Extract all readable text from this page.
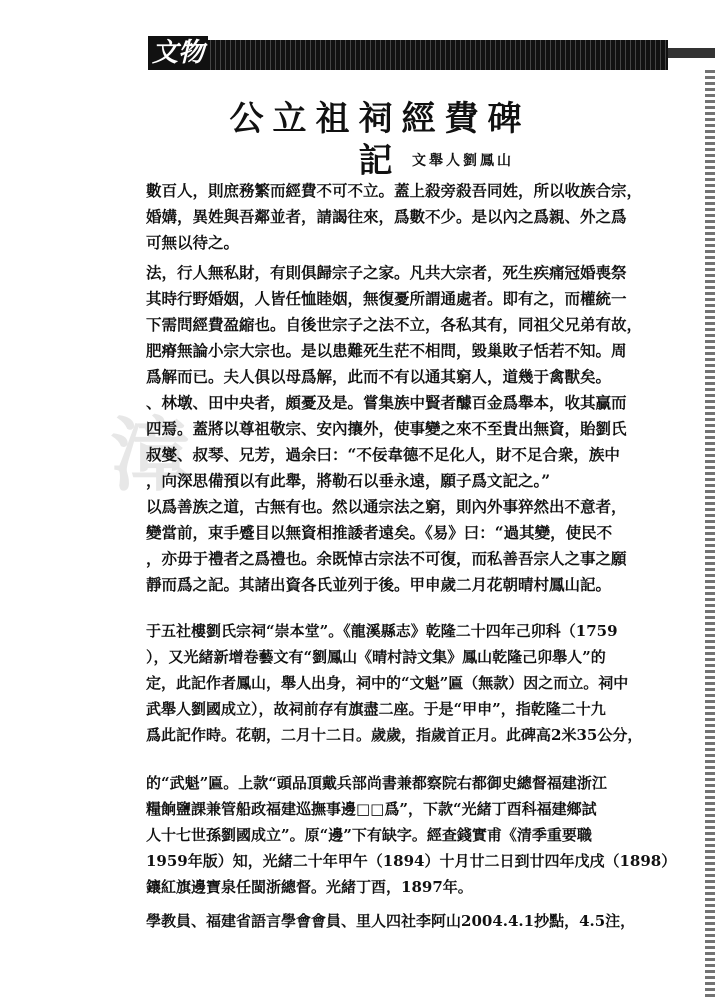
文物
漳
公立祖祠經費碑記 文舉人劉鳳山
數百人，則庶務繁而經費不可不立。蓋上殺旁殺吾同姓，所以收族合宗，
婚媾，異姓與吾鄰並者，請謁往來，爲數不少。是以內之爲親、外之爲
可無以待之。
法，行人無私財，有則俱歸宗子之家。凡共大宗者，死生疾痛冠婚喪祭
其時行野婚姻，人皆任恤睦姻，無復憂所謂通處者。即有之，而權統一
下需問經費盈縮也。自後世宗子之法不立，各私其有，同祖父兄弟有故，
肥瘠無論小宗大宗也。是以患難死生茫不相問，毀巢敗子恬若不知。周
爲解而已。夫人俱以母爲解，此而不有以通其窮人，道幾于禽獸矣。
、林墩、田中央者，頗憂及是。嘗集族中賢者醵百金爲舉本，收其贏而
四焉。蓋將以尊祖敬宗、安內攘外，使事變之來不至貴出無資，貽劉氏
叔燮、叔琴、兄芳，過余曰：“不佞韋德不足化人，財不足合衆，族中
，向深思備預以有此舉，將勒石以垂永遠，願子爲文記之。”
以爲善族之道，古無有也。然以通宗法之窮，則內外事猝然出不意者，
變當前，束手蹙目以無資相推諉者遠矣。《易》曰：“過其變，使民不
，亦毋于禮者之爲禮也。余既悼古宗法不可復，而私善吾宗人之事之願
靜而爲之記。其諸出資各氏並列于後。甲申歲二月花朝晴村鳳山記。
于五社樓劉氏宗祠“崇本堂”。《龍溪縣志》乾隆二十四年己卯科（1759
），又光緒新增卷藝文有“劉鳳山《晴村詩文集》鳳山乾隆己卯舉人”的
定，此記作者鳳山，舉人出身，祠中的“文魁”匾（無款）因之而立。祠中
武舉人劉國成立），故祠前存有旗盡二座。于是“甲申”，指乾隆二十九
爲此記作時。花朝，二月十二日。歲歲，指歲首正月。此碑高2米35公分，
的“武魁”匾。上款“頭品頂戴兵部尚書兼都察院右都御史總督福建浙江
糧餉鹽課兼管船政福建巡撫事邊□□爲”，下款“光緒丁酉科福建鄉試
人十七世孫劉國成立”。原“邊”下有缺字。經查錢實甫《清季重要職
1959年版）知，光緒二十年甲午（1894）十月廿二日到廿四年戊戌（1898）
鑲紅旗邊寶泉任閩浙總督。光緒丁酉，1897年。
學教員、福建省語言學會會員、里人四社李阿山2004.4.1抄點，4.5注，
